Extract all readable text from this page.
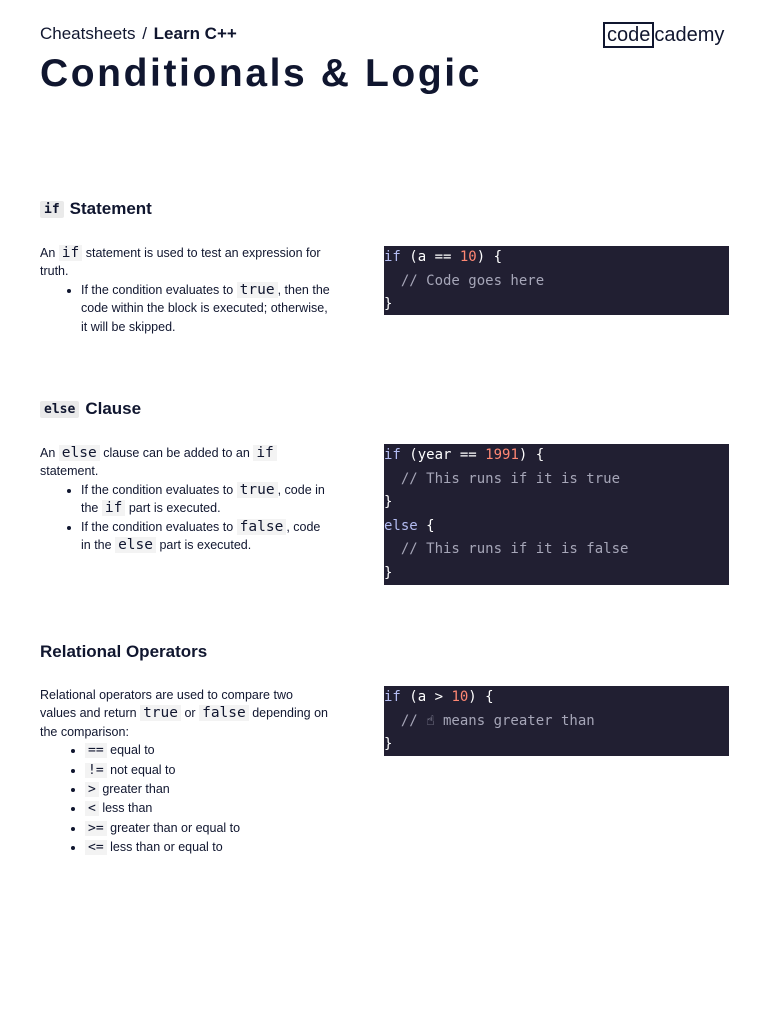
Cheatsheets / Learn C++	code cademy
Conditionals & Logic
if Statement

An if statement is used to test an expression for truth.

• If the condition evaluates to true , then the code within the block is executed; otherwise, it will be skipped.
if (a == 10) {
// Code goes here
}
else Clause

An else clause can be added to an if statement.

• If the condition evaluates to true , code in the if part is executed.
• If the condition evaluates to false , code in the else part is executed.
if (year == 1991) {
// This runs if it is true
}
else {
// This runs if it is false
}
Relational Operators

Relational operators are used to compare two values and return true or false depending on the comparison:

• == equal to
• != not equal to
• > greater than
• < less than
• >= greater than or equal to
• <= less than or equal to
if (a > 10) {
// ☝ means greater than
}
